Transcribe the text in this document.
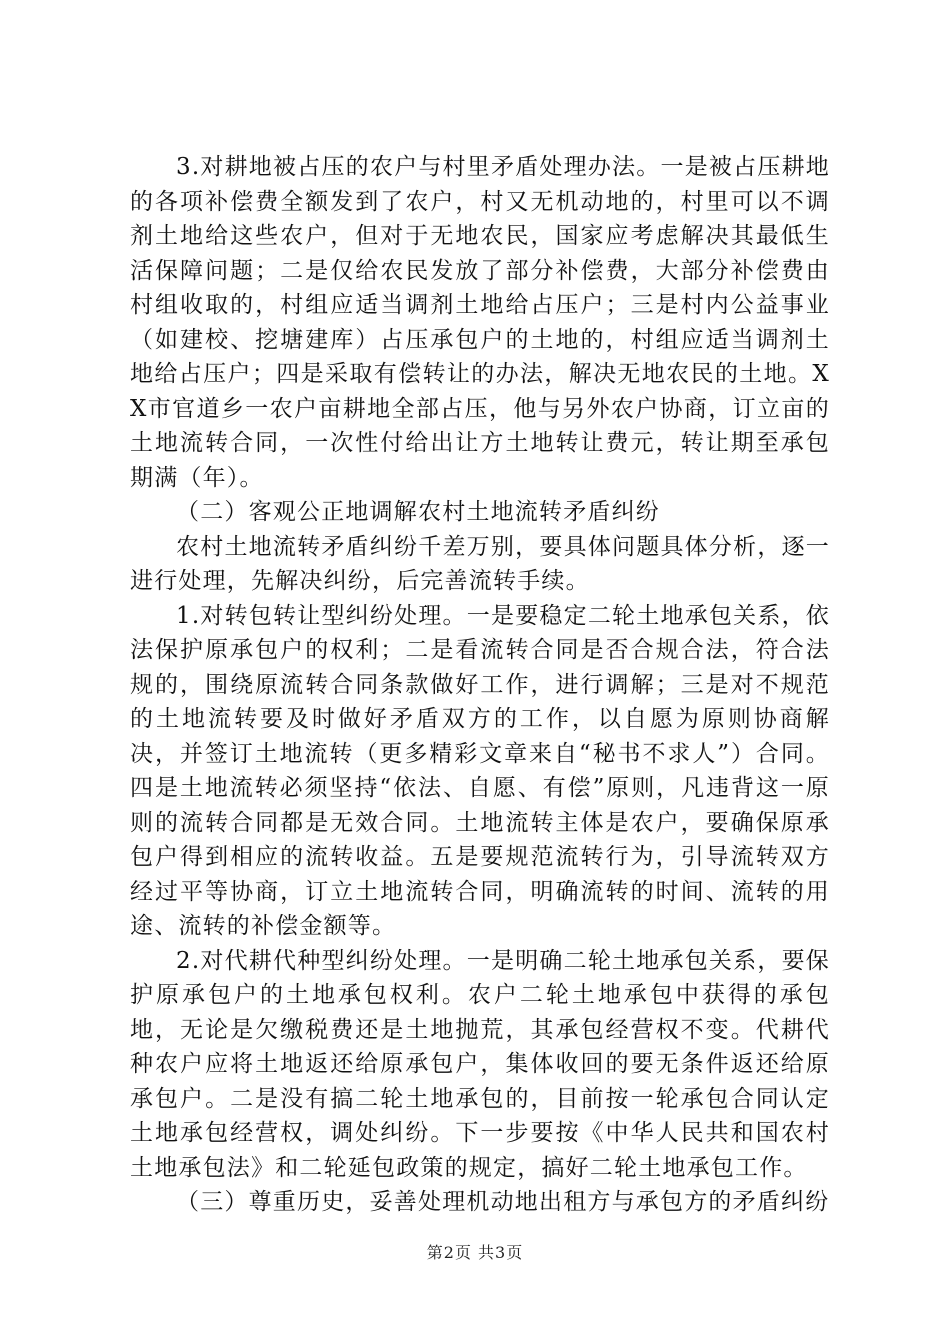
3.对耕地被占压的农户与村里矛盾处理办法。一是被占压耕地的各项补偿费全额发到了农户，村又无机动地的，村里可以不调剂土地给这些农户，但对于无地农民，国家应考虑解决其最低生活保障问题；二是仅给农民发放了部分补偿费，大部分补偿费由村组收取的，村组应适当调剂土地给占压户；三是村内公益事业（如建校、挖塘建库）占压承包户的土地的，村组应适当调剂土地给占压户；四是采取有偿转让的办法，解决无地农民的土地。XX市官道乡一农户亩耕地全部占压，他与另外农户协商，订立亩的土地流转合同，一次性付给出让方土地转让费元，转让期至承包期满（年）。

（二）客观公正地调解农村土地流转矛盾纠纷

农村土地流转矛盾纠纷千差万别，要具体问题具体分析，逐一进行处理，先解决纠纷，后完善流转手续。

1.对转包转让型纠纷处理。一是要稳定二轮土地承包关系，依法保护原承包户的权利；二是看流转合同是否合规合法，符合法规的，围绕原流转合同条款做好工作，进行调解；三是对不规范的土地流转要及时做好矛盾双方的工作，以自愿为原则协商解决，并签订土地流转（更多精彩文章来自“秘书不求人”）合同。四是土地流转必须坚持“依法、自愿、有偿”原则，凡违背这一原则的流转合同都是无效合同。土地流转主体是农户，要确保原承包户得到相应的流转收益。五是要规范流转行为，引导流转双方经过平等协商，订立土地流转合同，明确流转的时间、流转的用途、流转的补偿金额等。

2.对代耕代种型纠纷处理。一是明确二轮土地承包关系，要保护原承包户的土地承包权利。农户二轮土地承包中获得的承包地，无论是欠缴税费还是土地抛荒，其承包经营权不变。代耕代种农户应将土地返还给原承包户，集体收回的要无条件返还给原承包户。二是没有搞二轮土地承包的，目前按一轮承包合同认定土地承包经营权，调处纠纷。下一步要按《中华人民共和国农村土地承包法》和二轮延包政策的规定，搞好二轮土地承包工作。

（三）尊重历史，妥善处理机动地出租方与承包方的矛盾纠纷

第2页 共3页
